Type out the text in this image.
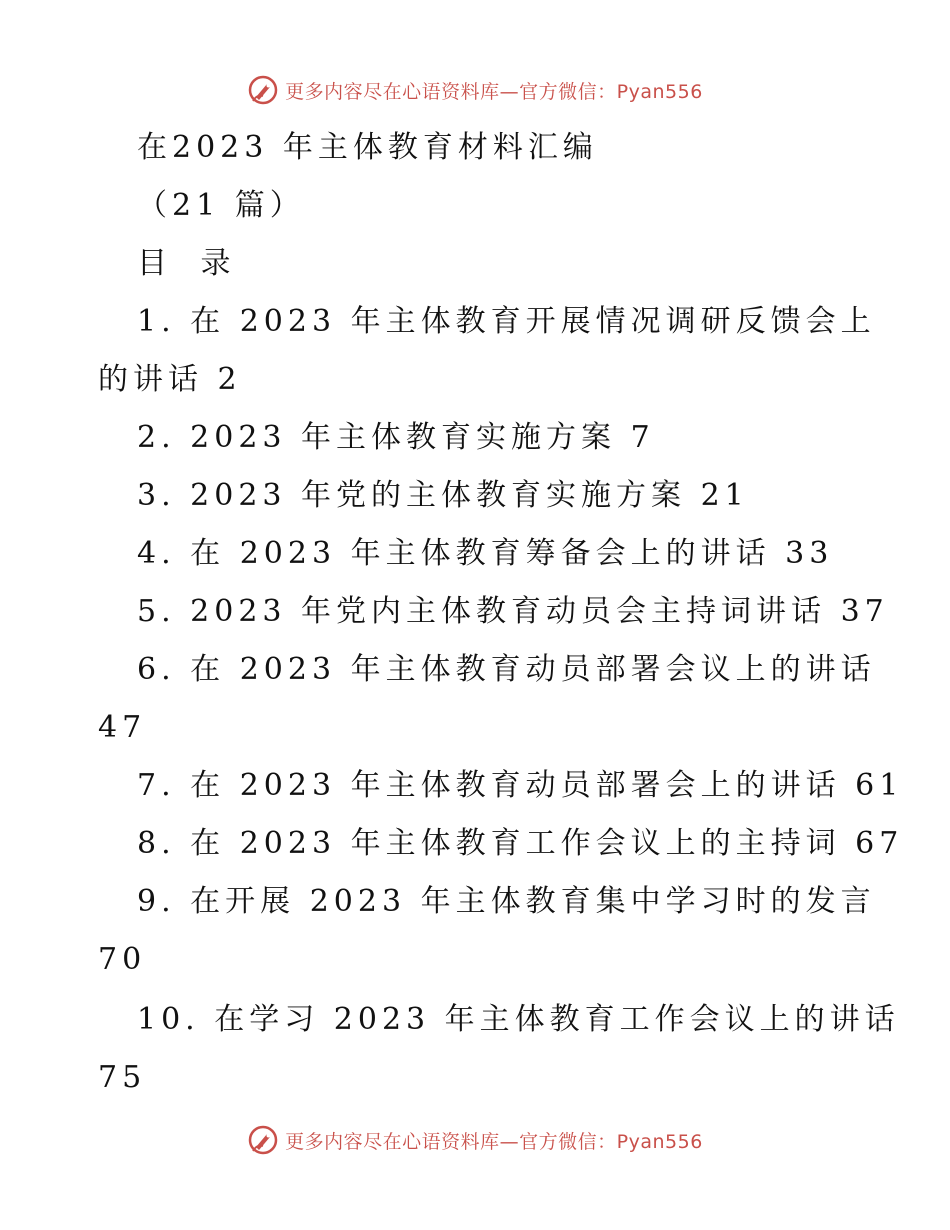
更多内容尽在心语资料库—官方微信：Pyan556
在2023 年主体教育材料汇编
（21 篇）
目 录
1. 在 2023 年主体教育开展情况调研反馈会上
的讲话 2
2. 2023 年主体教育实施方案 7
3. 2023 年党的主体教育实施方案 21
4. 在 2023 年主体教育筹备会上的讲话 33
5. 2023 年党内主体教育动员会主持词讲话 37
6. 在 2023 年主体教育动员部署会议上的讲话
47
7. 在 2023 年主体教育动员部署会上的讲话 61
8. 在 2023 年主体教育工作会议上的主持词 67
9. 在开展 2023 年主体教育集中学习时的发言
70
10. 在学习 2023 年主体教育工作会议上的讲话
75
更多内容尽在心语资料库—官方微信：Pyan556
